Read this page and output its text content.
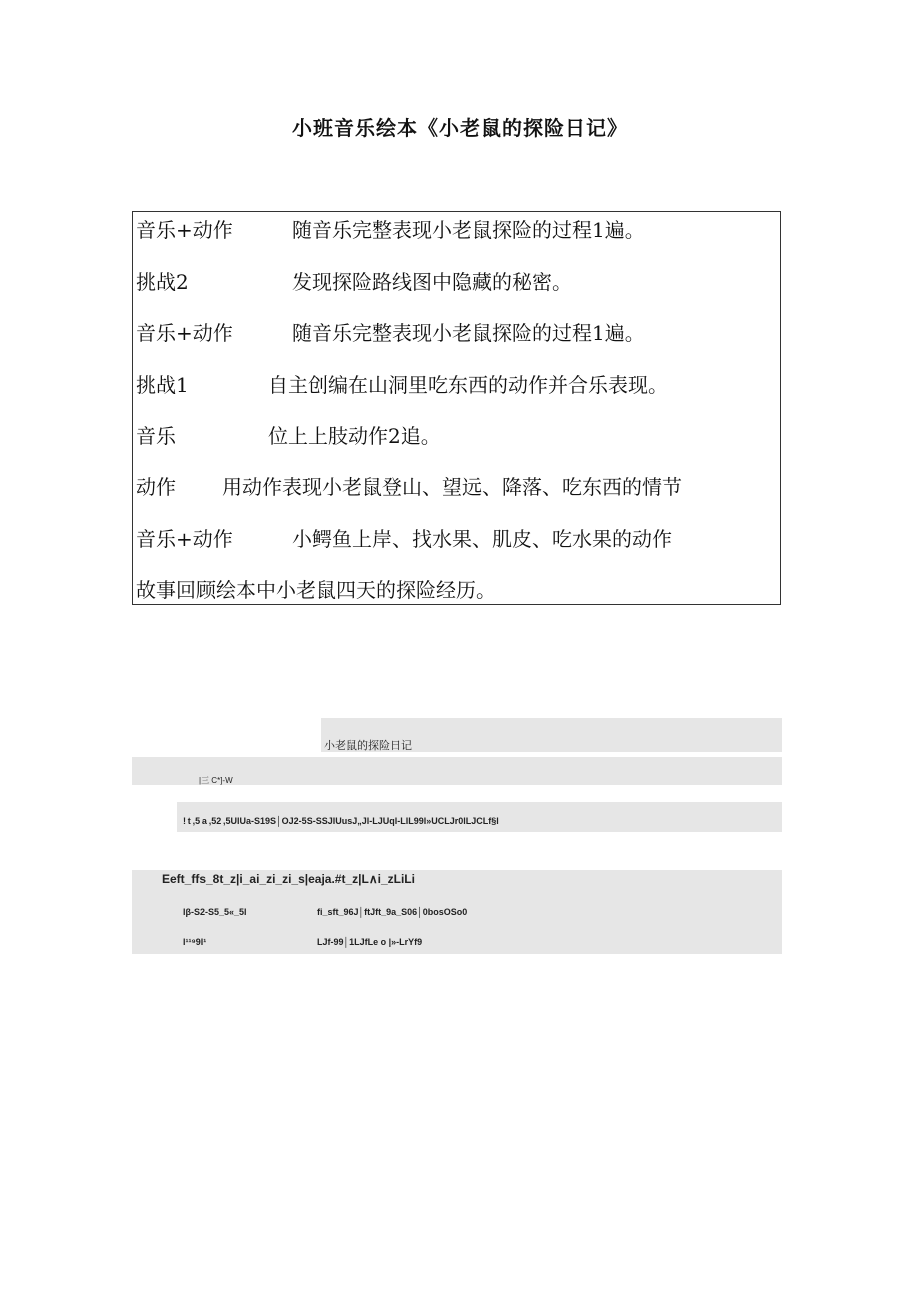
小班音乐绘本《小老鼠的探险日记》
音乐+动作	随音乐完整表现小老鼠探险的过程1遍。
挑战2	发现探险路线图中隐藏的秘密。
音乐+动作	随音乐完整表现小老鼠探险的过程1遍。
挑战1	自主创编在山洞里吃东西的动作并合乐表现。
音乐	位上上肢动作2追。
动作 用动作表现小老鼠登山、望远、降落、吃东西的情节
音乐+动作	小鳄鱼上岸、找水果、肌皮、吃水果的动作
故事回顾绘本中小老鼠四天的探险经历。
小老鼠的探险日记
|三 C*]-W
! t ,5 a ,52 ,5UlUa-S19S│OJ2-5S-SSJlUusJ„Jl-LJUql-LlL99l»UCLJr0lLJCLf§l
Eeft_ffs_8t_z|i_ai_zi_zi_s|eaja.#t_z|L∧i_zLiLi
lβ-S2-S5_5«_5l	fi_sft_96J│ftJft_9a_S06│0bosOSo0
l¹¹⁹9l¹	LJf-99│1LJfLe o |»-LrYf9
